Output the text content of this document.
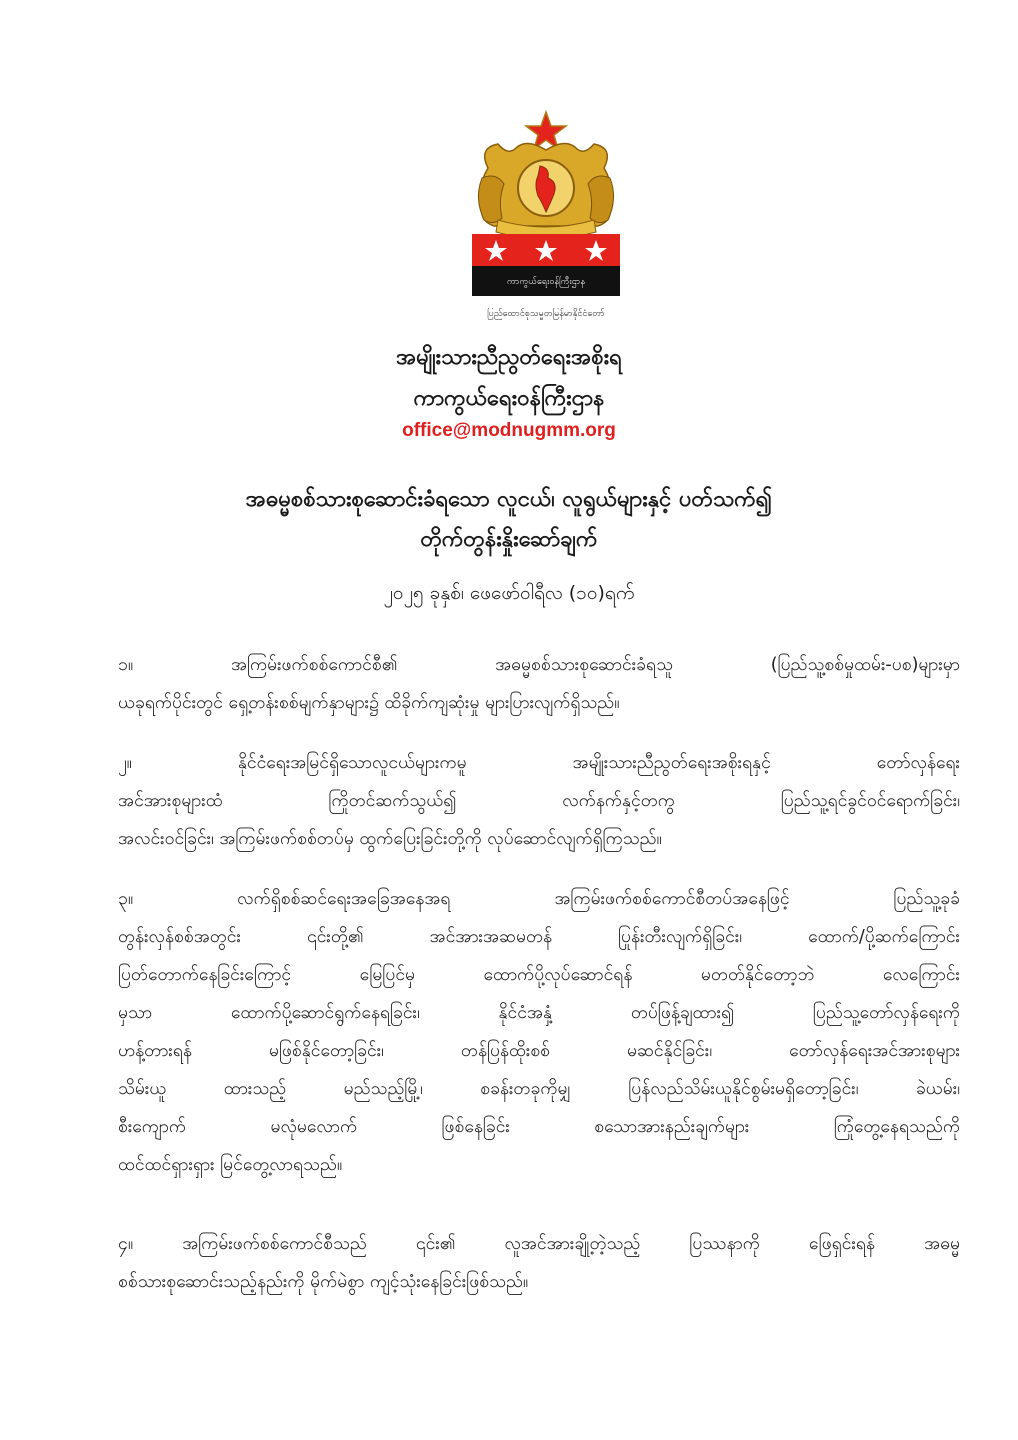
ကာကွယ်ရေးဝန်ကြီးဌာန
ပြည်ထောင်စုသမ္မတမြန်မာနိုင်ငံတော်
အမျိုးသားညီညွတ်ရေးအစိုးရ
ကာကွယ်ရေးဝန်ကြီးဌာန
office@modnugmm.org
အဓမ္မစစ်သားစုဆောင်းခံရသော လူငယ်၊ လူရွယ်များနှင့် ပတ်သက်၍
တိုက်တွန်းနှိုးဆော်ချက်
၂၀၂၅ ခုနှစ်၊ ဖေဖော်ဝါရီလ (၁၀)ရက်
၁။ အကြမ်းဖက်စစ်ကောင်စီ၏ အဓမ္မစစ်သားစုဆောင်းခံရသူ (ပြည်သူ့စစ်မှုထမ်း-ပစ)များမှာ
ယခုရက်ပိုင်းတွင် ရှေ့တန်းစစ်မျက်နှာများ၌ ထိခိုက်ကျဆုံးမှု များပြားလျက်ရှိသည်။
၂။ နိုင်ငံရေးအမြင်ရှိသောလူငယ်များကမူ အမျိုးသားညီညွတ်ရေးအစိုးရနှင့် တော်လှန်ရေး
အင်အားစုများထံ ကြိုတင်ဆက်သွယ်၍ လက်နက်နှင့်တကွ ပြည်သူ့ရင်ခွင်ဝင်ရောက်ခြင်း၊
အလင်းဝင်ခြင်း၊ အကြမ်းဖက်စစ်တပ်မှ ထွက်ပြေးခြင်းတို့ကို လုပ်ဆောင်လျက်ရှိကြသည်။
၃။ လက်ရှိစစ်ဆင်ရေးအခြေအနေအရ အကြမ်းဖက်စစ်ကောင်စီတပ်အနေဖြင့် ပြည်သူ့ခုခံ
တွန်းလှန်စစ်အတွင်း ၎င်းတို့၏ အင်အားအဆမတန် ပြုန်းတီးလျက်ရှိခြင်း၊ ထောက်/ပို့ဆက်ကြောင်း
ပြတ်တောက်နေခြင်းကြောင့် မြေပြင်မှ ထောက်ပို့လုပ်ဆောင်ရန် မတတ်နိုင်တော့ဘဲ လေကြောင်း
မှသာ ထောက်ပို့ဆောင်ရွက်နေရခြင်း၊ နိုင်ငံအနှံ့ တပ်ဖြန့်ချထား၍ ပြည်သူ့တော်လှန်ရေးကို
ဟန့်တားရန် မဖြစ်နိုင်တော့ခြင်း၊ တန်ပြန်ထိုးစစ် မဆင်နိုင်ခြင်း၊ တော်လှန်ရေးအင်အားစုများ
သိမ်းယူ ထားသည့် မည်သည့်မြို့၊ စခန်းတခုကိုမျှ ပြန်လည်သိမ်းယူနိုင်စွမ်းမရှိတော့ခြင်း၊ ခဲယမ်း၊
စီးကျောက် မလုံမလောက် ဖြစ်နေခြင်း စသောအားနည်းချက်များ ကြုံတွေ့နေရသည်ကို
ထင်ထင်ရှားရှား မြင်တွေ့လာရသည်။
၄။ အကြမ်းဖက်စစ်ကောင်စီသည် ၎င်း၏ လူအင်အားချို့တဲ့သည့် ပြဿနာကို ဖြေရှင်းရန် အဓမ္မ
စစ်သားစုဆောင်းသည့်နည်းကို မိုက်မဲစွာ ကျင့်သုံးနေခြင်းဖြစ်သည်။
